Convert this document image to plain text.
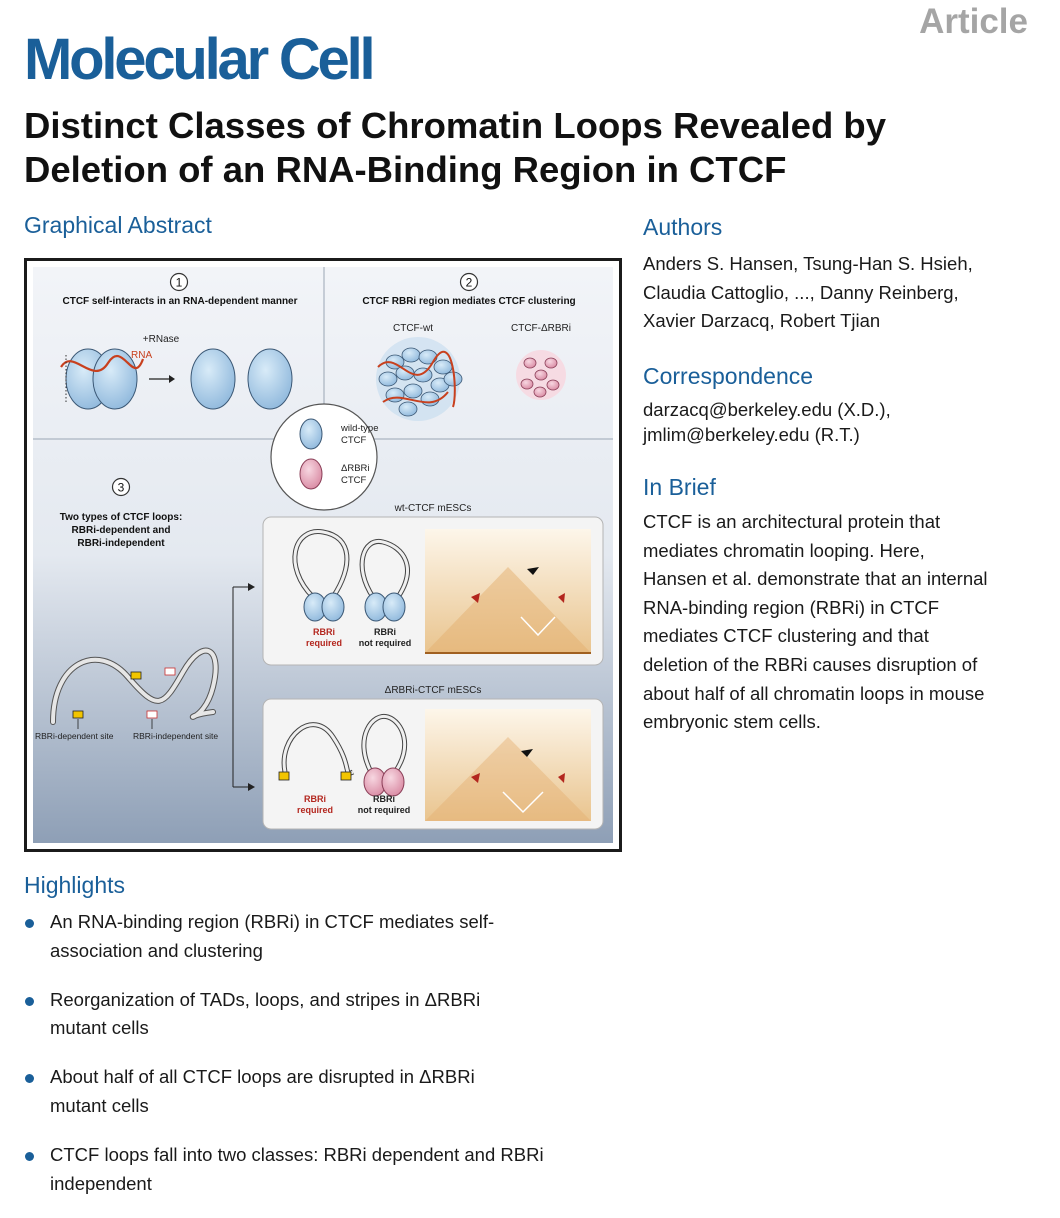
Article
Molecular Cell
Distinct Classes of Chromatin Loops Revealed by Deletion of an RNA-Binding Region in CTCF
Graphical Abstract
1
CTCF self-interacts in an RNA-dependent manner
+RNase
RNA
2
CTCF RBRi region mediates CTCF clustering
CTCF-wt	CTCF-ΔRBRi
wild-type
CTCF
ΔRBRi
CTCF
3
Two types of CTCF loops:
RBRi-dependent and
RBRi-independent
RBRi-dependent site RBRi-independent site
wt-CTCF mESCs
RBRi
required
RBRi
not required
ΔRBRi-CTCF mESCs
RBRi
required
RBRi
not required
Authors
Anders S. Hansen, Tsung-Han S. Hsieh,
Claudia Cattoglio, ..., Danny Reinberg,
Xavier Darzacq, Robert Tjian
Correspondence
darzacq@berkeley.edu (X.D.),
jmlim@berkeley.edu (R.T.)
In Brief
CTCF is an architectural protein that
mediates chromatin looping. Here,
Hansen et al. demonstrate that an internal
RNA-binding region (RBRi) in CTCF
mediates CTCF clustering and that
deletion of the RBRi causes disruption of
about half of all chromatin loops in mouse
embryonic stem cells.
Highlights
An RNA-binding region (RBRi) in CTCF mediates self-
association and clustering
Reorganization of TADs, loops, and stripes in ΔRBRi
mutant cells
About half of all CTCF loops are disrupted in ΔRBRi
mutant cells
CTCF loops fall into two classes: RBRi dependent and RBRi
independent
